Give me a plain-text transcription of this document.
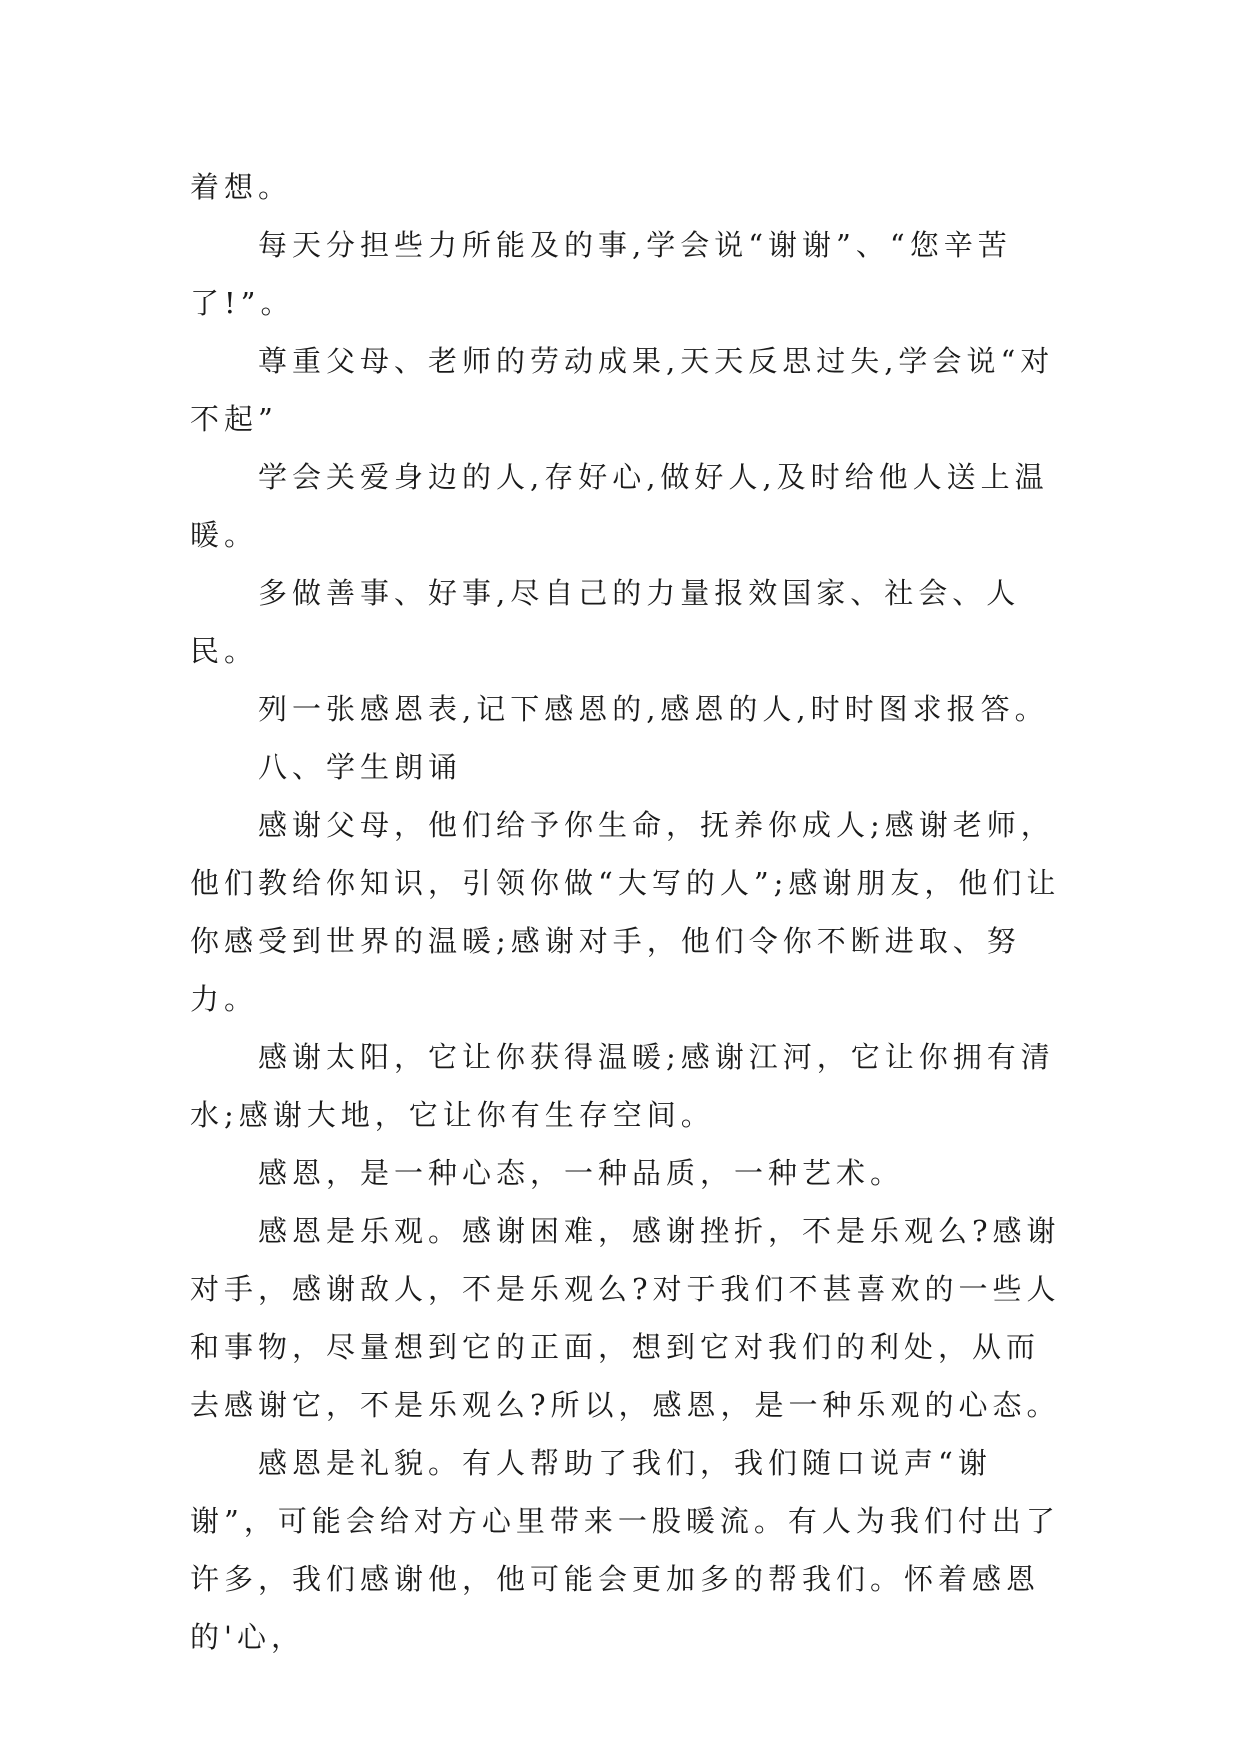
着想。

每天分担些力所能及的事,学会说“谢谢”、“您辛苦了!”。

尊重父母、老师的劳动成果,天天反思过失,学会说“对不起”

学会关爱身边的人,存好心,做好人,及时给他人送上温暖。

多做善事、好事,尽自己的力量报效国家、社会、人民。

列一张感恩表,记下感恩的,感恩的人,时时图求报答。

八、学生朗诵

感谢父母，他们给予你生命，抚养你成人;感谢老师，他们教给你知识，引领你做“大写的人”;感谢朋友，他们让你感受到世界的温暖;感谢对手，他们令你不断进取、努力。

感谢太阳，它让你获得温暖;感谢江河，它让你拥有清水;感谢大地，它让你有生存空间。

感恩，是一种心态，一种品质，一种艺术。

感恩是乐观。感谢困难，感谢挫折，不是乐观么?感谢对手，感谢敌人，不是乐观么?对于我们不甚喜欢的一些人和事物，尽量想到它的正面，想到它对我们的利处，从而去感谢它，不是乐观么?所以，感恩，是一种乐观的心态。

感恩是礼貌。有人帮助了我们，我们随口说声“谢谢”，可能会给对方心里带来一股暖流。有人为我们付出了许多，我们感谢他，他可能会更加多的帮我们。怀着感恩的'心，
